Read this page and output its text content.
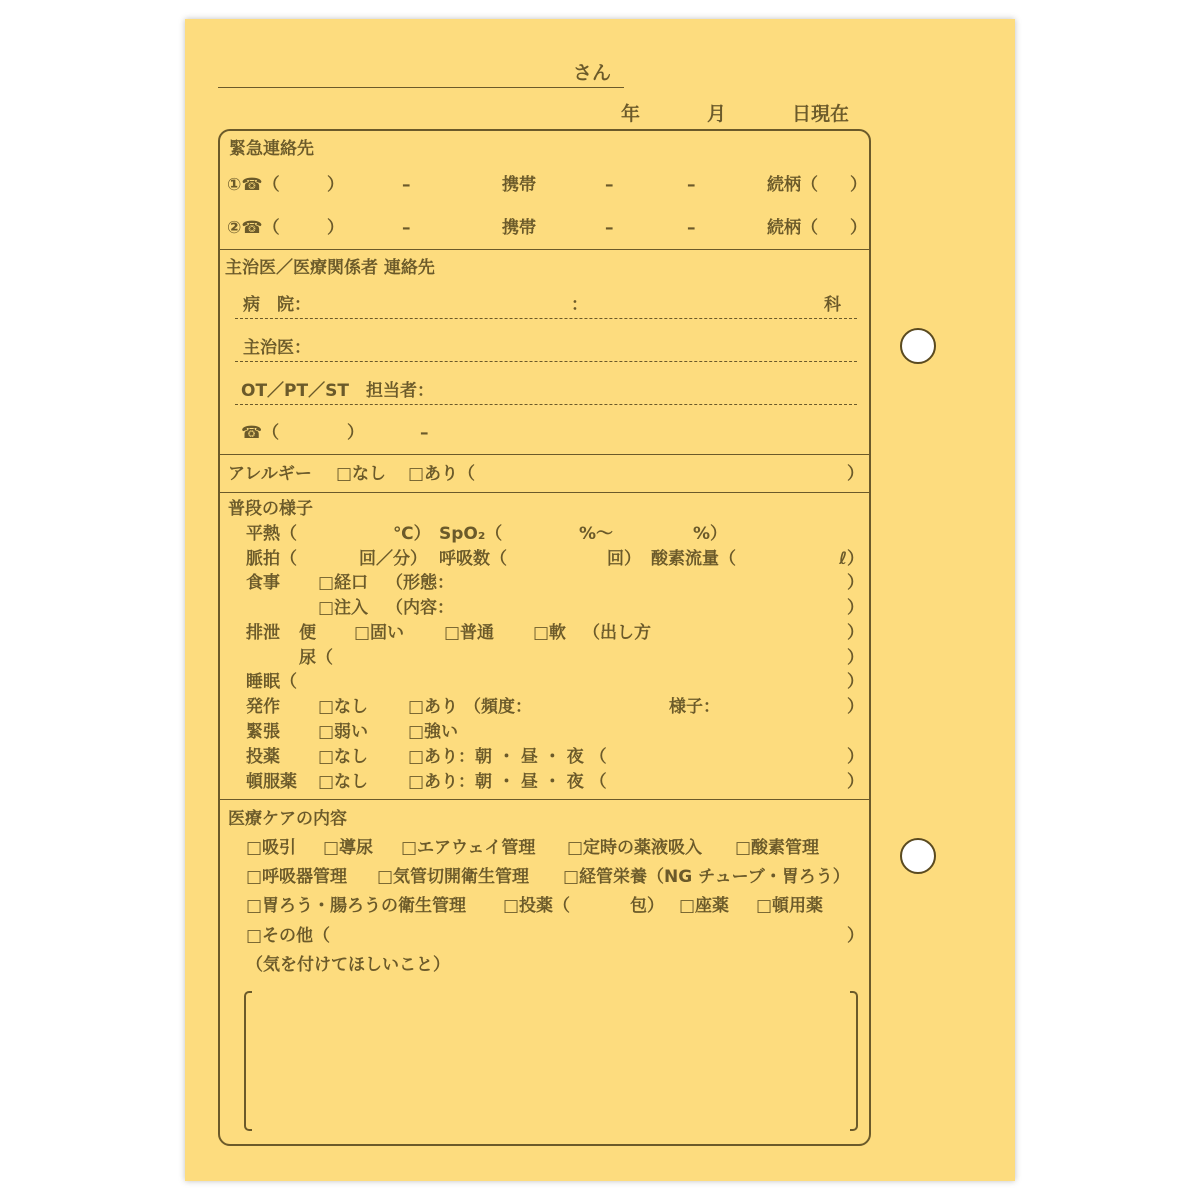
さん
年	月	日現在
緊急連絡先
①☎（	）	–	携帯	–	–	続柄（ ）
②☎（	）	–	携帯	–	–	続柄（ ）
主治医／医療関係者 連絡先
病　院：	：	科
主治医：
OT／PT／ST　担当者：
☎（	）	–
アレルギー □なし □あり（	）
普段の様子
平熱（	℃） SpO₂（	%～	%）
脈拍（	回／分） 呼吸数（	回） 酸素流量（	ℓ）
食事 □経口 （形態：	）
□注入 （内容：	）
排泄 便 □固い □普通 □軟 （出し方	）
尿（	）
睡眠（	）
発作 □なし □あり （頻度：	様子：	）
緊張 □弱い □強い
投薬 □なし □あり：朝 ・ 昼 ・ 夜 （	）
頓服薬 □なし □あり：朝 ・ 昼 ・ 夜 （	）
医療ケアの内容
□吸引 □導尿 □エアウェイ管理 □定時の薬液吸入 □酸素管理
□呼吸器管理 □気管切開衛生管理 □経管栄養（NG チューブ・胃ろう）
□胃ろう・腸ろうの衛生管理 □投薬（	包） □座薬 □頓用薬
□その他（	）
（気を付けてほしいこと）
